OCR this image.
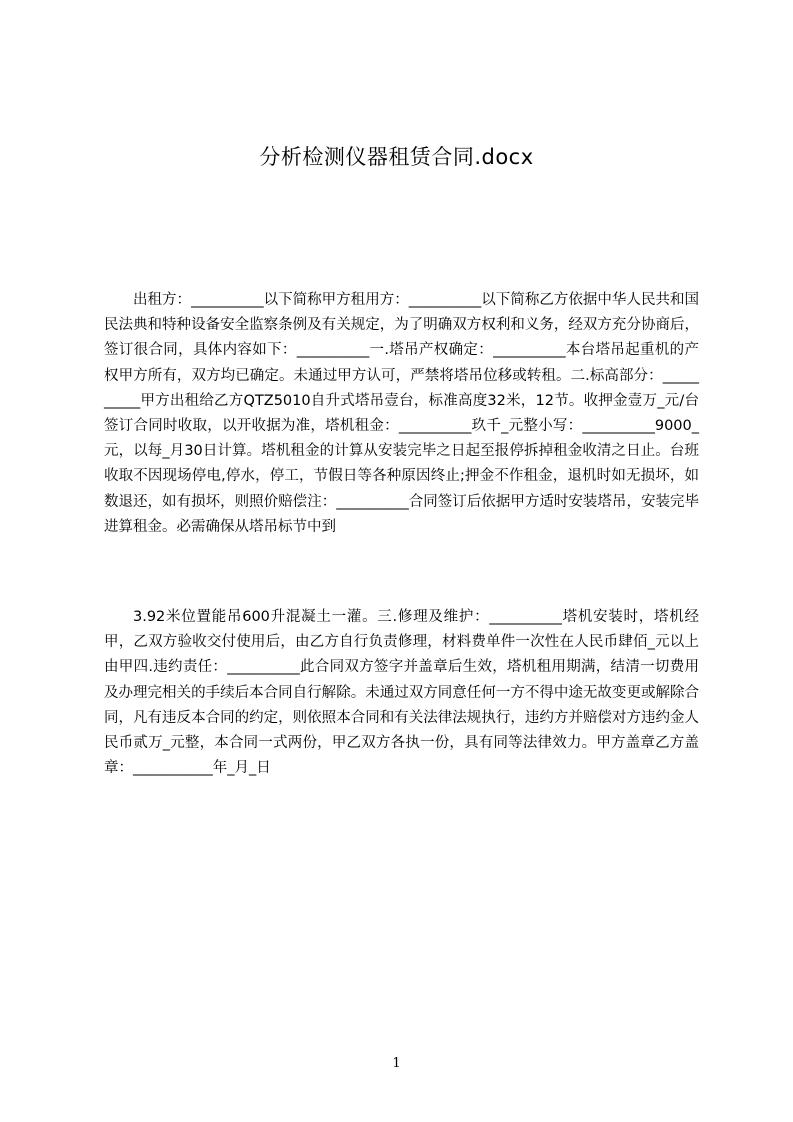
分析检测仪器租赁合同.docx

出租方：__________以下简称甲方租用方：__________以下简称乙方依据中华人民共和国民法典和特种设备安全监察条例及有关规定，为了明确双方权利和义务，经双方充分协商后，签订很合同，具体内容如下：__________一.塔吊产权确定：__________本台塔吊起重机的产权甲方所有，双方均已确定。未通过甲方认可，严禁将塔吊位移或转租。二.标高部分：__________甲方出租给乙方QTZ5010自升式塔吊壹台，标准高度32米，12节。收押金壹万_元/台签订合同时收取，以开收据为准，塔机租金：__________玖千_元整小写：__________9000_元，以每_月30日计算。塔机租金的计算从安装完毕之日起至报停拆掉租金收清之日止。台班收取不因现场停电,停水，停工，节假日等各种原因终止;押金不作租金，退机时如无损坏，如数退还，如有损坏，则照价赔偿注：__________合同签订后依据甲方适时安装塔吊，安装完毕进算租金。必需确保从塔吊标节中到

3.92米位置能吊600升混凝土一灌。三.修理及维护：__________塔机安装时，塔机经甲，乙双方验收交付使用后，由乙方自行负责修理，材料费单件一次性在人民币肆佰_元以上由甲四.违约责任：__________此合同双方签字并盖章后生效，塔机租用期满，结清一切费用及办理完相关的手续后本合同自行解除。未通过双方同意任何一方不得中途无故变更或解除合同，凡有违反本合同的约定，则依照本合同和有关法律法规执行，违约方并赔偿对方违约金人民币贰万_元整，本合同一式两份，甲乙双方各执一份，具有同等法律效力。甲方盖章乙方盖章：___________年_月_日

1
